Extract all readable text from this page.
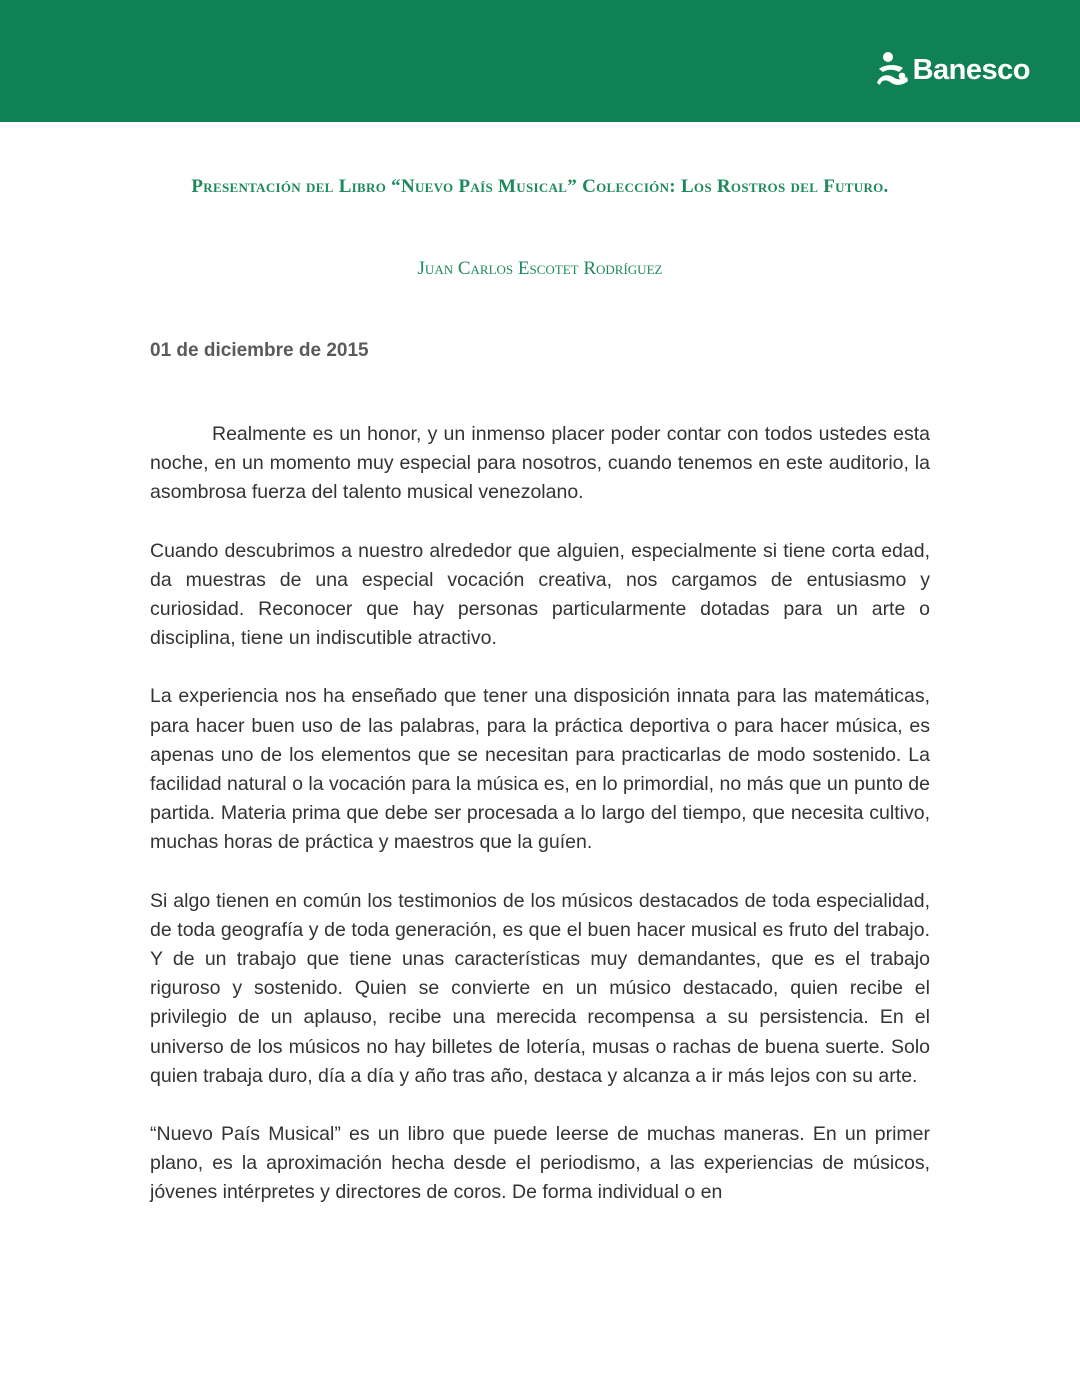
Banesco
Presentación del Libro “Nuevo País Musical” Colección: Los Rostros del Futuro.
Juan Carlos Escotet Rodríguez
01 de diciembre de 2015

Realmente es un honor, y un inmenso placer poder contar con todos ustedes esta noche, en un momento muy especial para nosotros, cuando tenemos en este auditorio, la asombrosa fuerza del talento musical venezolano.

Cuando descubrimos a nuestro alrededor que alguien, especialmente si tiene corta edad, da muestras de una especial vocación creativa, nos cargamos de entusiasmo y curiosidad. Reconocer que hay personas particularmente dotadas para un arte o disciplina, tiene un indiscutible atractivo.

La experiencia nos ha enseñado que tener una disposición innata para las matemáticas, para hacer buen uso de las palabras, para la práctica deportiva o para hacer música, es apenas uno de los elementos que se necesitan para practicarlas de modo sostenido. La facilidad natural o la vocación para la música es, en lo primordial, no más que un punto de partida. Materia prima que debe ser procesada a lo largo del tiempo, que necesita cultivo, muchas horas de práctica y maestros que la guíen.

Si algo tienen en común los testimonios de los músicos destacados de toda especialidad, de toda geografía y de toda generación, es que el buen hacer musical es fruto del trabajo. Y de un trabajo que tiene unas características muy demandantes, que es el trabajo riguroso y sostenido. Quien se convierte en un músico destacado, quien recibe el privilegio de un aplauso, recibe una merecida recompensa a su persistencia. En el universo de los músicos no hay billetes de lotería, musas o rachas de buena suerte. Solo quien trabaja duro, día a día y año tras año, destaca y alcanza a ir más lejos con su arte.

“Nuevo País Musical” es un libro que puede leerse de muchas maneras. En un primer plano, es la aproximación hecha desde el periodismo, a las experiencias de músicos, jóvenes intérpretes y directores de coros. De forma individual o en
